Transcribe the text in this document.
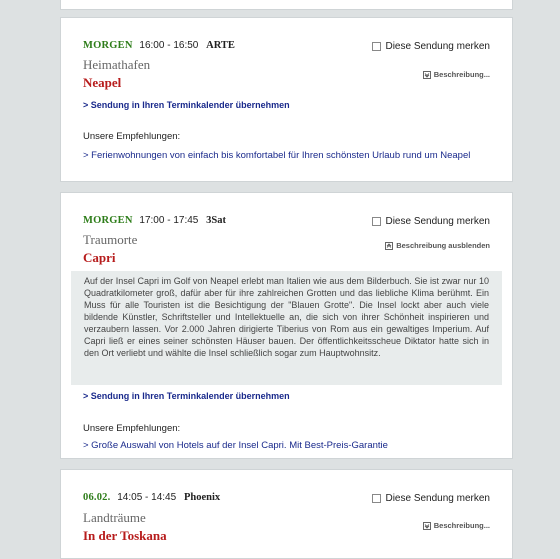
MORGEN 16:00 - 16:50 ARTE	Diese Sendung merken
Heimathafen
Beschreibung...
Neapel
> Sendung in Ihren Terminkalender übernehmen
Unsere Empfehlungen:
> Ferienwohnungen von einfach bis komfortabel für Ihren schönsten Urlaub rund um Neapel
MORGEN 17:00 - 17:45 3Sat	Diese Sendung merken
Traumorte	Beschreibung ausblenden
Capri
Auf der Insel Capri im Golf von Neapel erlebt man Italien wie aus dem Bilderbuch. Sie ist zwar nur 10 Quadratkilometer groß, dafür aber für ihre zahlreichen Grotten und das liebliche Klima berühmt. Ein Muss für alle Touristen ist die Besichtigung der "Blauen Grotte". Die Insel lockt aber auch viele bildende Künstler, Schriftsteller und Intellektuelle an, die sich von ihrer Schönheit inspirieren und verzaubern lassen. Vor 2.000 Jahren dirigierte Tiberius von Rom aus ein gewaltiges Imperium. Auf Capri ließ er eines seiner schönsten Häuser bauen. Der öffentlichkeitsscheue Diktator hatte sich in den Ort verliebt und wählte die Insel schließlich sogar zum Hauptwohnsitz.
> Sendung in Ihren Terminkalender übernehmen
Unsere Empfehlungen:
> Große Auswahl von Hotels auf der Insel Capri. Mit Best-Preis-Garantie
06.02. 14:05 - 14:45 Phoenix	Diese Sendung merken
Landträume
Beschreibung...
In der Toskana
